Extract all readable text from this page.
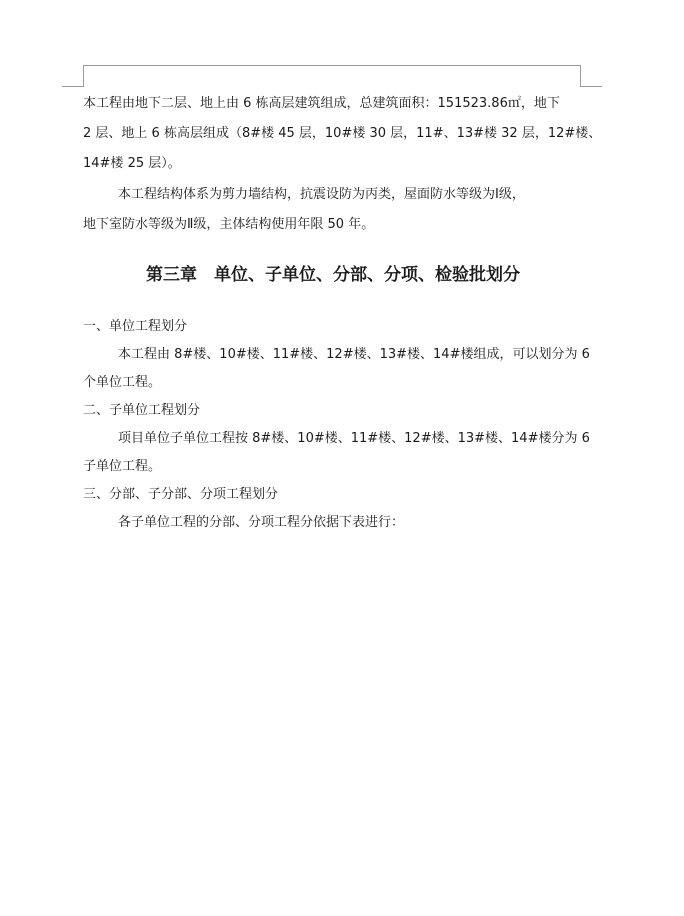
本工程由地下二层、地上由 6 栋高层建筑组成，总建筑面积：151523.86㎡，地下
2 层、地上 6 栋高层组成（8#楼 45 层，10#楼 30 层，11#、13#楼 32 层，12#楼、
14#楼 25 层）。
本工程结构体系为剪力墙结构，抗震设防为丙类，屋面防水等级为Ⅰ级，
地下室防水等级为Ⅱ级，主体结构使用年限 50 年。
第三章　单位、子单位、分部、分项、检验批划分
一、单位工程划分
本工程由 8#楼、10#楼、11#楼、12#楼、13#楼、14#楼组成，可以划分为 6
个单位工程。
二、子单位工程划分
项目单位子单位工程按 8#楼、10#楼、11#楼、12#楼、13#楼、14#楼分为 6
子单位工程。
三、分部、子分部、分项工程划分
各子单位工程的分部、分项工程分依据下表进行：
